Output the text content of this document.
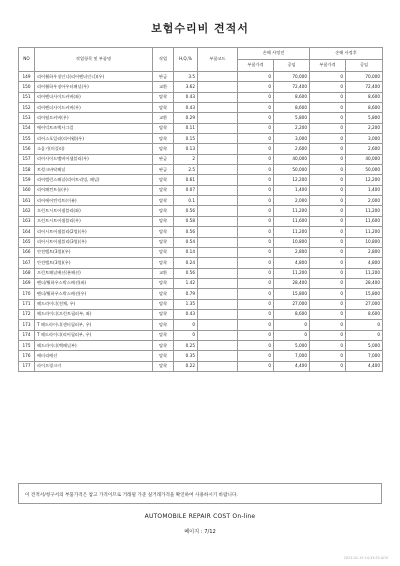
보험수리비 견적서
NO	작업항목 및 부품명	작업	H,Q,%	부품코드	손해 사정전		손해 사정후	
					부품가격	공임	부품가격	공임
149	리어휠하우징인너(리어펜더인너)(우)	판금	3.5		0	70,000	0	70,000
150	리어휠하우징아우터패널(우)	교환	3.62		0	72,400	0	72,400
151	리어펜더사이드커버(좌)	탈착	0.43		0	8,600	0	8,600
152	리어펜더사이드커버(우)	탈착	0.43		0	8,600	0	8,600
153	리어펌프커버(우)	교환	0.29		0	5,800	0	5,800
154	에어덕트즈백사그컬	탈착	0.11		0	2,200	0	2,200
155	리어스포일러(리어윙)(우)	탈착	0.15		0	3,000	0	3,000
156	소음기(머플러)	탈착	0.13		0	2,600	0	2,600
157	리어사이드멤버어셈블리(우)	판금	2		0	40,000	0	40,000
158	트렁크바닥패널	판금	2.5		0	50,000	0	50,000
159	리어밸런스패널(리어트리밍, 패널)	탈착	0.61		0	12,200	0	12,200
160	리어패컨트롤(우)	탈착	0.07		0	1,400	0	1,400
161	리어에어컨덕트(이뷰)	탈착	0.1		0	2,000	0	2,000
162	프런트시트어셈블리(좌)	탈착	0.56		0	11,200	0	11,200
163	프런트시트어셈블리(우)	탈착	0.58		0	11,600	0	11,600
164	리어시트어셈블리(2열)(우)	탈착	0.56		0	11,200	0	11,200
165	리어시트어셈블리(3열)(우)	탈착	0.54		0	10,800	0	10,800
166	안전벨트(3열)(우)	탈착	0.14		0	2,800	0	2,800
167	안전벨트(3열)(우)	탈착	0.24		0	4,800	0	4,800
168	프런트패널배선(분해선)	교환	0.56		0	11,200	0	11,200
169	펜더/휠하우스박스배선(좌)	탈착	1.42		0	28,400	0	28,400
170	펜더/휠하우스박스배선(우)	탈착	0.79		0	15,800	0	15,800
171	헤드라이너(전체, 우)	탈착	1.35		0	27,000	0	27,000
172	헤드라이너(프런트필러부, 좌)	탈착	0.43		0	8,600	0	8,600
173	T 헤드라이너(센터필러부, 우)	탈착	0		0	0	0	0
174	T 헤드라이너(리어필러부, 우)	탈착	0		0	0	0	0
175	헤드라이너(백패널부)	탈착	0.25		0	5,000	0	5,000
176	배터리배선	탈착	0.35		0	7,000	0	7,000
177	파이프링크키	탈착	0.22		0	4,400	0	4,400
이 견적서/청구서의 부품가격은 참고 가격이므로 거래될 가준 실거래가격을 확인하여 사용하시기 바랍니다.
AUTOMOBILE REPAIR COST On-line
페이지 : 7/12
2023-01-19 14:33:53 AOS
